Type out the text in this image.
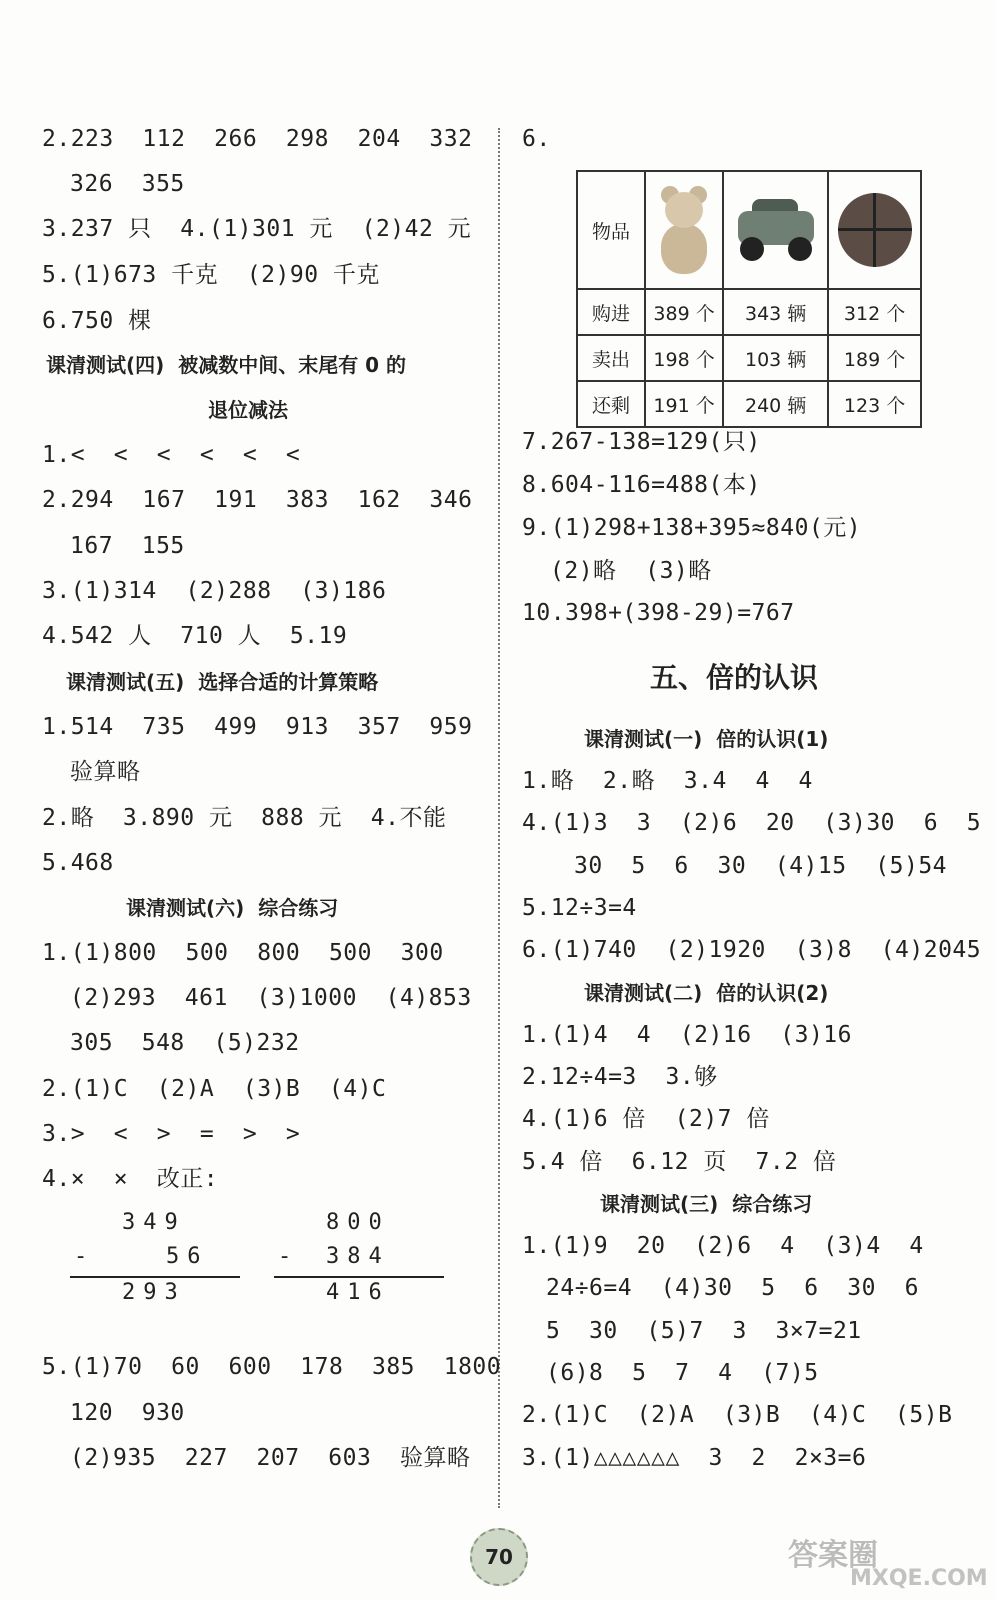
2.223  112  266  298  204  332
326  355
3.237 只  4.(1)301 元  (2)42 元
5.(1)673 千克  (2)90 千克
6.750 棵
课清测试(四)  被减数中间、末尾有 0 的
退位减法
1.<  <  <  <  <  <
2.294  167  191  383  162  346
167  155
3.(1)314  (2)288  (3)186
4.542 人  710 人  5.19
课清测试(五)  选择合适的计算策略
1.514  735  499  913  357  959
验算略
2.略  3.890 元  888 元  4.不能
5.468
课清测试(六)  综合练习
1.(1)800  500  800  500  300
(2)293  461  (3)1000  (4)853
305  548  (5)232
2.(1)C  (2)A  (3)B  (4)C
3.>  <  >  =  >  >
4.×  ×  改正:
349
-	56
293
800
- 384
416
5.(1)70  60  600  178  385  1800
120  930
(2)935  227  207  603  验算略
6.
物品	

购进	389 个	343 辆	312 个
卖出	198 个	103 辆	189 个
还剩	191 个	240 辆	123 个
7.267-138=129(只)
8.604-116=488(本)
9.(1)298+138+395≈840(元)
(2)略  (3)略
10.398+(398-29)=767
五、倍的认识
课清测试(一)  倍的认识(1)
1.略  2.略  3.4  4  4
4.(1)3  3  (2)6  20  (3)30  6  5
30  5  6  30  (4)15  (5)54
5.12÷3=4
6.(1)740  (2)1920  (3)8  (4)2045
课清测试(二)  倍的认识(2)
1.(1)4  4  (2)16  (3)16
2.12÷4=3  3.够
4.(1)6 倍  (2)7 倍
5.4 倍  6.12 页  7.2 倍
课清测试(三)  综合练习
1.(1)9  20  (2)6  4  (3)4  4
24÷6=4  (4)30  5  6  30  6
5  30  (5)7  3  3×7=21
(6)8  5  7  4  (7)5
2.(1)C  (2)A  (3)B  (4)C  (5)B
3.(1)△△△△△△  3  2  2×3=6
70	答案圈
MXQE.COM
